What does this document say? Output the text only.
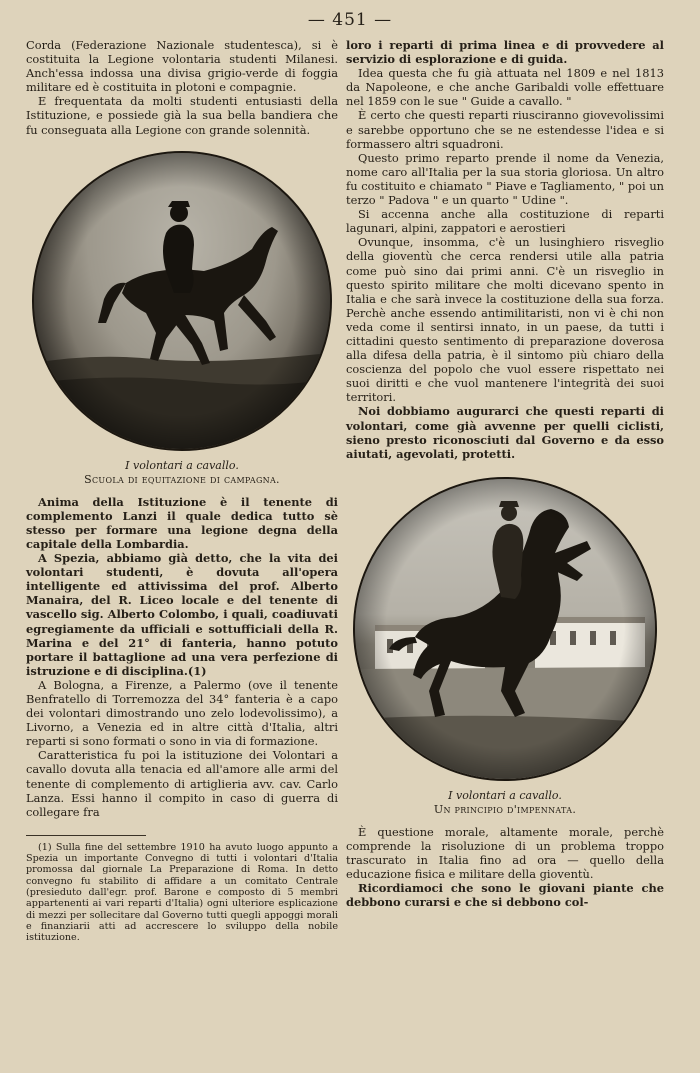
— 451 —

Corda (Federazione Nazionale studentesca), si è costituita la Legione volontaria studenti Milanesi. Anch'essa indossa una divisa grigio-verde di foggia militare ed è costituita in plotoni e compagnie.

E frequentata da molti studenti entusiasti della Istituzione, e possiede già la sua bella bandiera che fu conseguata alla Legione con grande solennità.

I volontari a cavallo.
Scuola di equitazione di campagna.

Anima della Istituzione è il tenente di complemento Lanzi il quale dedica tutto sè stesso per formare una legione degna della capitale della Lombardia.

A Spezia, abbiamo già detto, che la vita dei volontari studenti, è dovuta all'opera intelligente ed attivissima del prof. Alberto Manaira, del R. Liceo locale e del tenente di vascello sig. Alberto Colombo, i quali, coadiuvati egregiamente da ufficiali e sottufficiali della R. Marina e del 21° di fanteria, hanno potuto portare il battaglione ad una vera perfezione di istruzione e di disciplina.(1)

A Bologna, a Firenze, a Palermo (ove il tenente Benfratello di Torremozza del 34° fanteria è a capo dei volontari dimostrando uno zelo lodevolissimo), a Livorno, a Venezia ed in altre città d'Italia, altri reparti si sono formati o sono in via di formazione.

Caratteristica fu poi la istituzione dei Volontari a cavallo dovuta alla tenacia ed all'amore alle armi del tenente di complemento di artiglieria avv. cav. Carlo Lanza. Essi hanno il compito in caso di guerra di collegare fra

(1) Sulla fine del settembre 1910 ha avuto luogo appunto a Spezia un importante Convegno di tutti i volontari d'Italia promossa dal giornale La Preparazione di Roma. In detto convegno fu stabilito di affidare a un comitato Centrale (presieduto dall'egr. prof. Barone e composto di 5 membri appartenenti ai vari reparti d'Italia) ogni ulteriore esplicazione di mezzi per sollecitare dal Governo tutti quegli appoggi morali e finanziarii atti ad accrescere lo sviluppo della nobile istituzione.

loro i reparti di prima linea e di provvedere al servizio di esplorazione e di guida.

Idea questa che fu già attuata nel 1809 e nel 1813 da Napoleone, e che anche Garibaldi volle effettuare nel 1859 con le sue " Guide a cavallo. "

È certo che questi reparti riusciranno giovevolissimi e sarebbe opportuno che se ne estendesse l'idea e si formassero altri squadroni.

Questo primo reparto prende il nome da Venezia, nome caro all'Italia per la sua storia gloriosa. Un altro fu costituito e chiamato " Piave e Tagliamento, " poi un terzo " Padova " e un quarto " Udine ".

Si accenna anche alla costituzione di reparti lagunari, alpini, zappatori e aerostieri

Ovunque, insomma, c'è un lusinghiero risveglio della gioventù che cerca rendersi utile alla patria come può sino dai primi anni. C'è un risveglio in questo spirito militare che molti dicevano spento in Italia e che sarà invece la costituzione della sua forza. Perchè anche essendo antimilitaristi, non vi è chi non veda come il sentirsi innato, in un paese, da tutti i cittadini questo sentimento di preparazione doverosa alla difesa della patria, è il sintomo più chiaro della coscienza del popolo che vuol essere rispettato nei suoi diritti e che vuol mantenere l'integrità dei suoi territori.

Noi dobbiamo augurarci che questi reparti di volontari, come già avvenne per quelli ciclisti, sieno presto riconosciuti dal Governo e da esso aiutati, agevolati, protetti.

I volontari a cavallo.
Un principio d'impennata.

È questione morale, altamente morale, perchè comprende la risoluzione di un problema troppo trascurato in Italia fino ad ora — quello della educazione fisica e militare della gioventù.

Ricordiamoci che sono le giovani piante che debbono curarsi e che si debbono col-
